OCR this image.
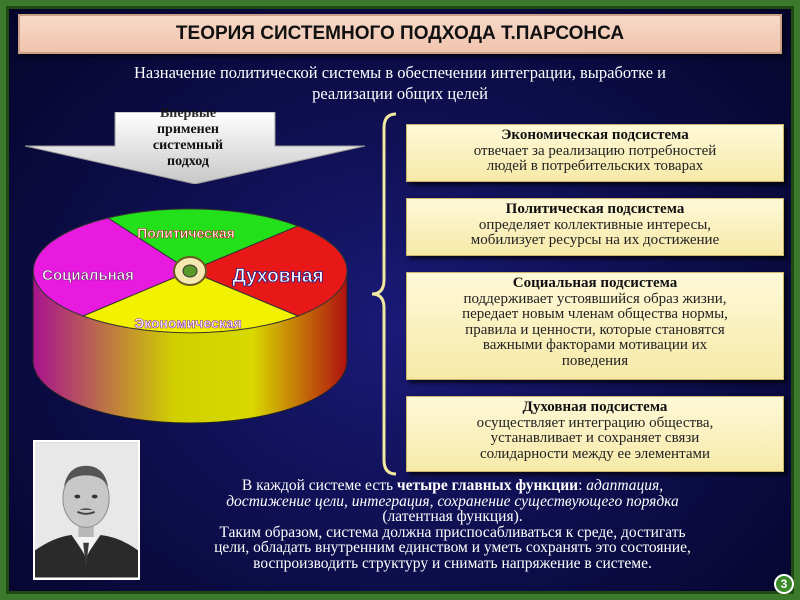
ТЕОРИЯ СИСТЕМНОГО ПОДХОДА Т.ПАРСОНСА
Назначение политической системы в обеспечении интеграции, выработке и
реализации общих целей
Впервые
применен
системный
подход
Политическая
Социальная	Духовная
Экономическая
Экономическая подсистема
отвечает за реализацию потребностей
людей в потребительских товарах
Политическая подсистема
определяет коллективные интересы,
мобилизует ресурсы на их достижение
Социальная подсистема
поддерживает устоявшийся образ жизни,
передает новым членам общества нормы,
правила и ценности, которые становятся
важными факторами мотивации их
поведения
Духовная подсистема
осуществляет интеграцию общества,
устанавливает и сохраняет связи
солидарности между ее элементами
В каждой системе есть четыре главных функции: адаптация,
достижение цели, интеграция, сохранение существующего порядка
(латентная функция).
Таким образом, система должна приспосабливаться к среде, достигать
цели, обладать внутренним единством и уметь сохранять это состояние,
воспроизводить структуру и снимать напряжение в системе.
3
